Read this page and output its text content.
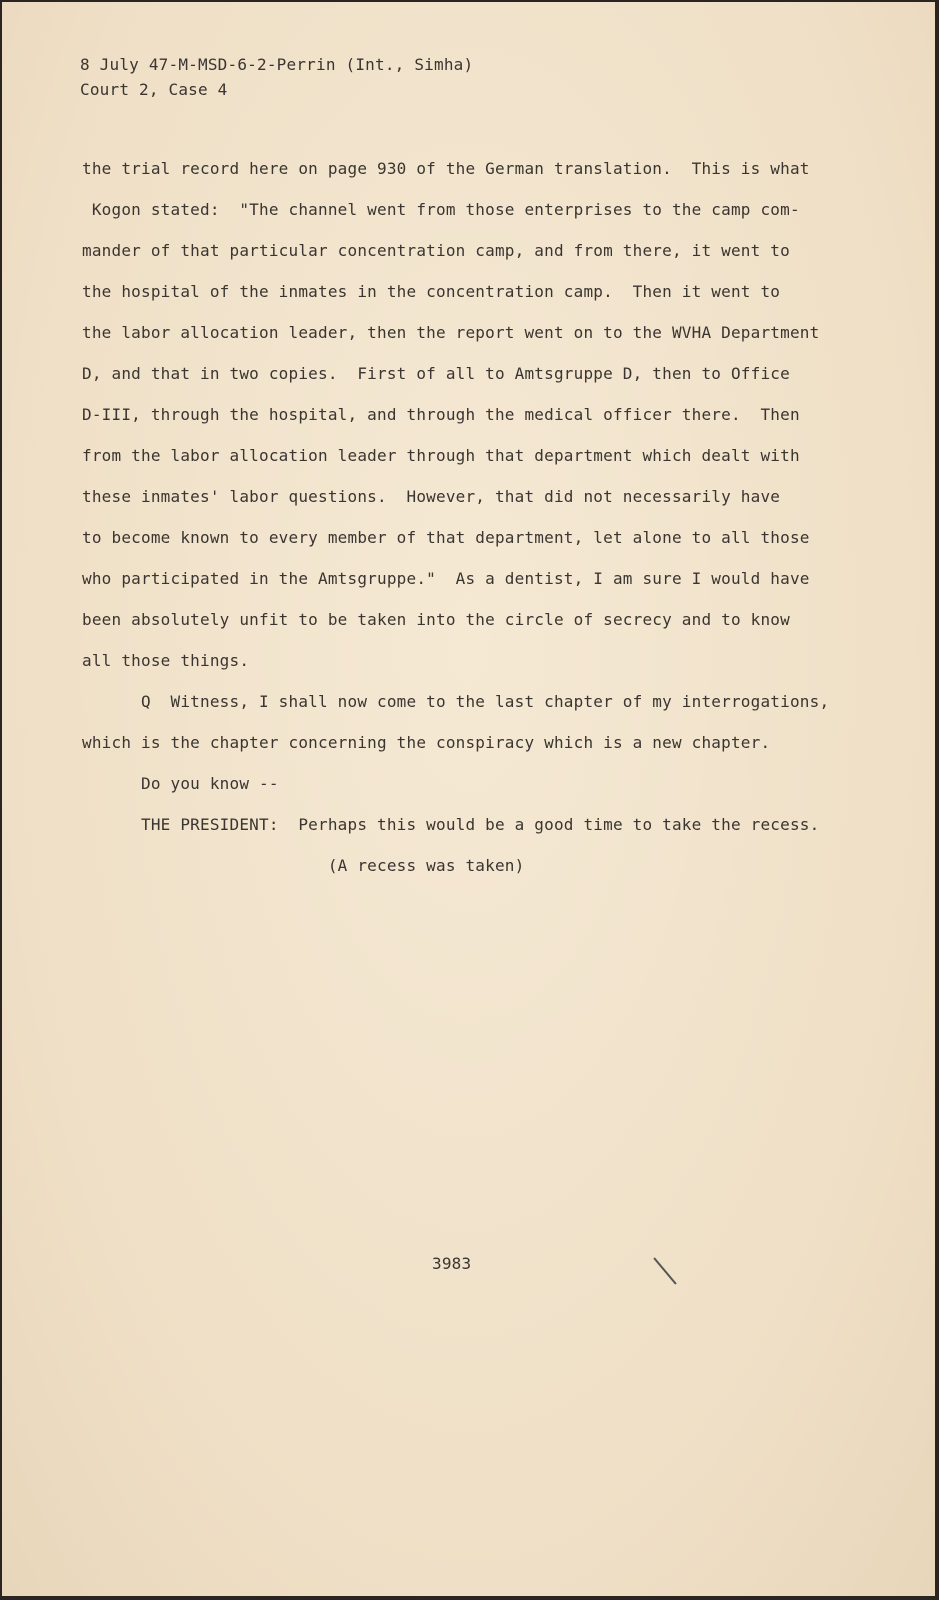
8 July 47-M-MSD-6-2-Perrin (Int., Simha)
Court 2, Case 4
the trial record here on page 930 of the German translation.  This is what
Kogon stated:  "The channel went from those enterprises to the camp com-
mander of that particular concentration camp, and from there, it went to
the hospital of the inmates in the concentration camp.  Then it went to
the labor allocation leader, then the report went on to the WVHA Department
D, and that in two copies.  First of all to Amtsgruppe D, then to Office
D-III, through the hospital, and through the medical officer there.  Then
from the labor allocation leader through that department which dealt with
these inmates' labor questions.  However, that did not necessarily have
to become known to every member of that department, let alone to all those
who participated in the Amtsgruppe."  As a dentist, I am sure I would have
been absolutely unfit to be taken into the circle of secrecy and to know
all those things.
Q  Witness, I shall now come to the last chapter of my interrogations,
which is the chapter concerning the conspiracy which is a new chapter.
Do you know --
THE PRESIDENT:  Perhaps this would be a good time to take the recess.
(A recess was taken)
3983
